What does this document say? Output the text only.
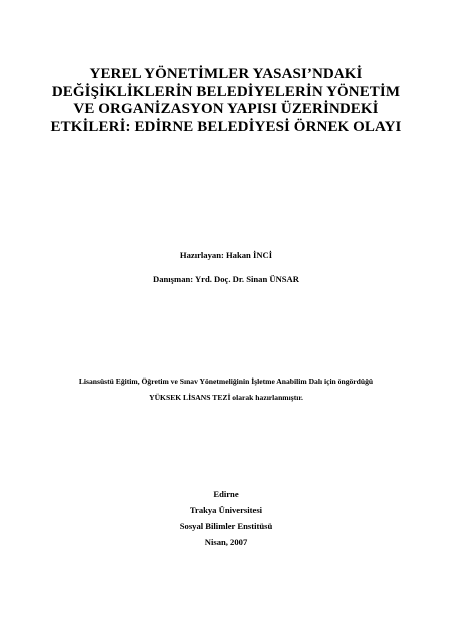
YEREL YÖNETİMLER YASASI’NDAKİ
DEĞİŞİKLİKLERİN BELEDİYELERİN YÖNETİM
VE ORGANİZASYON YAPISI ÜZERİNDEKİ
ETKİLERİ: EDİRNE BELEDİYESİ ÖRNEK OLAYI
Hazırlayan: Hakan İNCİ
Danışman: Yrd. Doç. Dr. Sinan ÜNSAR
Lisansüstü Eğitim, Öğretim ve Sınav Yönetmeliğinin İşletme Anabilim Dalı için öngördüğü
YÜKSEK LİSANS TEZİ olarak hazırlanmıştır.
Edirne
Trakya Üniversitesi
Sosyal Bilimler Enstitüsü
Nisan, 2007
